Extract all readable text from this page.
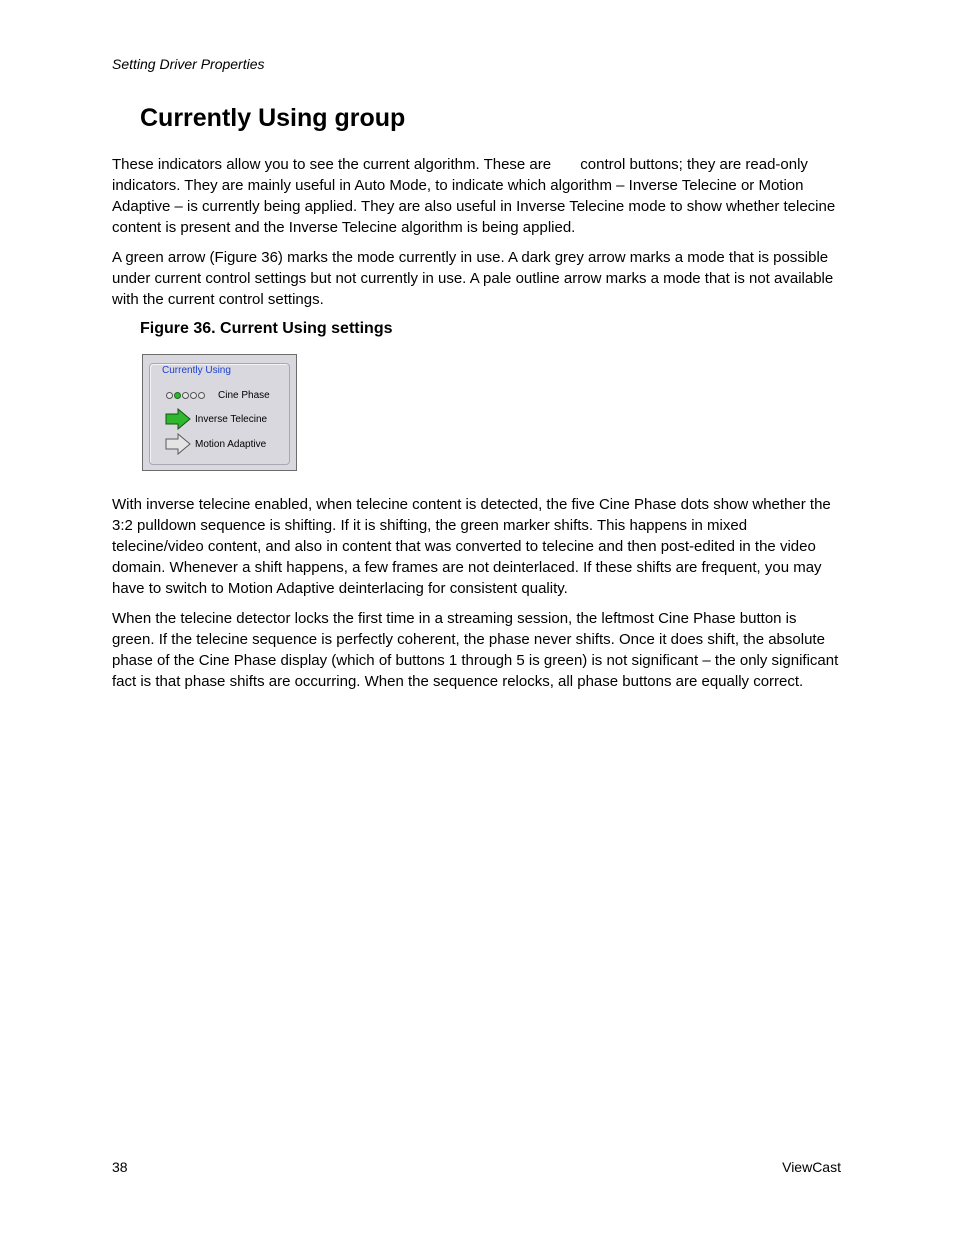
Setting Driver Properties
Currently Using group

These indicators allow you to see the current algorithm. These are       control buttons; they are read-only indicators. They are mainly useful in Auto Mode, to indicate which algorithm – Inverse Telecine or Motion Adaptive – is currently being applied. They are also useful in Inverse Telecine mode to show whether telecine content is present and the Inverse Telecine algorithm is being applied.

A green arrow (Figure 36) marks the mode currently in use. A dark grey arrow marks a mode that is possible under current control settings but not currently in use. A pale outline arrow marks a mode that is not available with the current control settings.

Figure 36. Current Using settings

Currently Using
Cine Phase
Inverse Telecine
Motion Adaptive

With inverse telecine enabled, when telecine content is detected, the five Cine Phase dots show whether the 3:2 pulldown sequence is shifting. If it is shifting, the green marker shifts. This happens in mixed telecine/video content, and also in content that was converted to telecine and then post-edited in the video domain. Whenever a shift happens, a few frames are not deinterlaced. If these shifts are frequent, you may have to switch to Motion Adaptive deinterlacing for consistent quality.

When the telecine detector locks the first time in a streaming session, the leftmost Cine Phase button is green. If the telecine sequence is perfectly coherent, the phase never shifts. Once it does shift, the absolute phase of the Cine Phase display (which of buttons 1 through 5 is green) is not significant – the only significant fact is that phase shifts are occurring. When the sequence relocks, all phase buttons are equally correct.

38	ViewCast
